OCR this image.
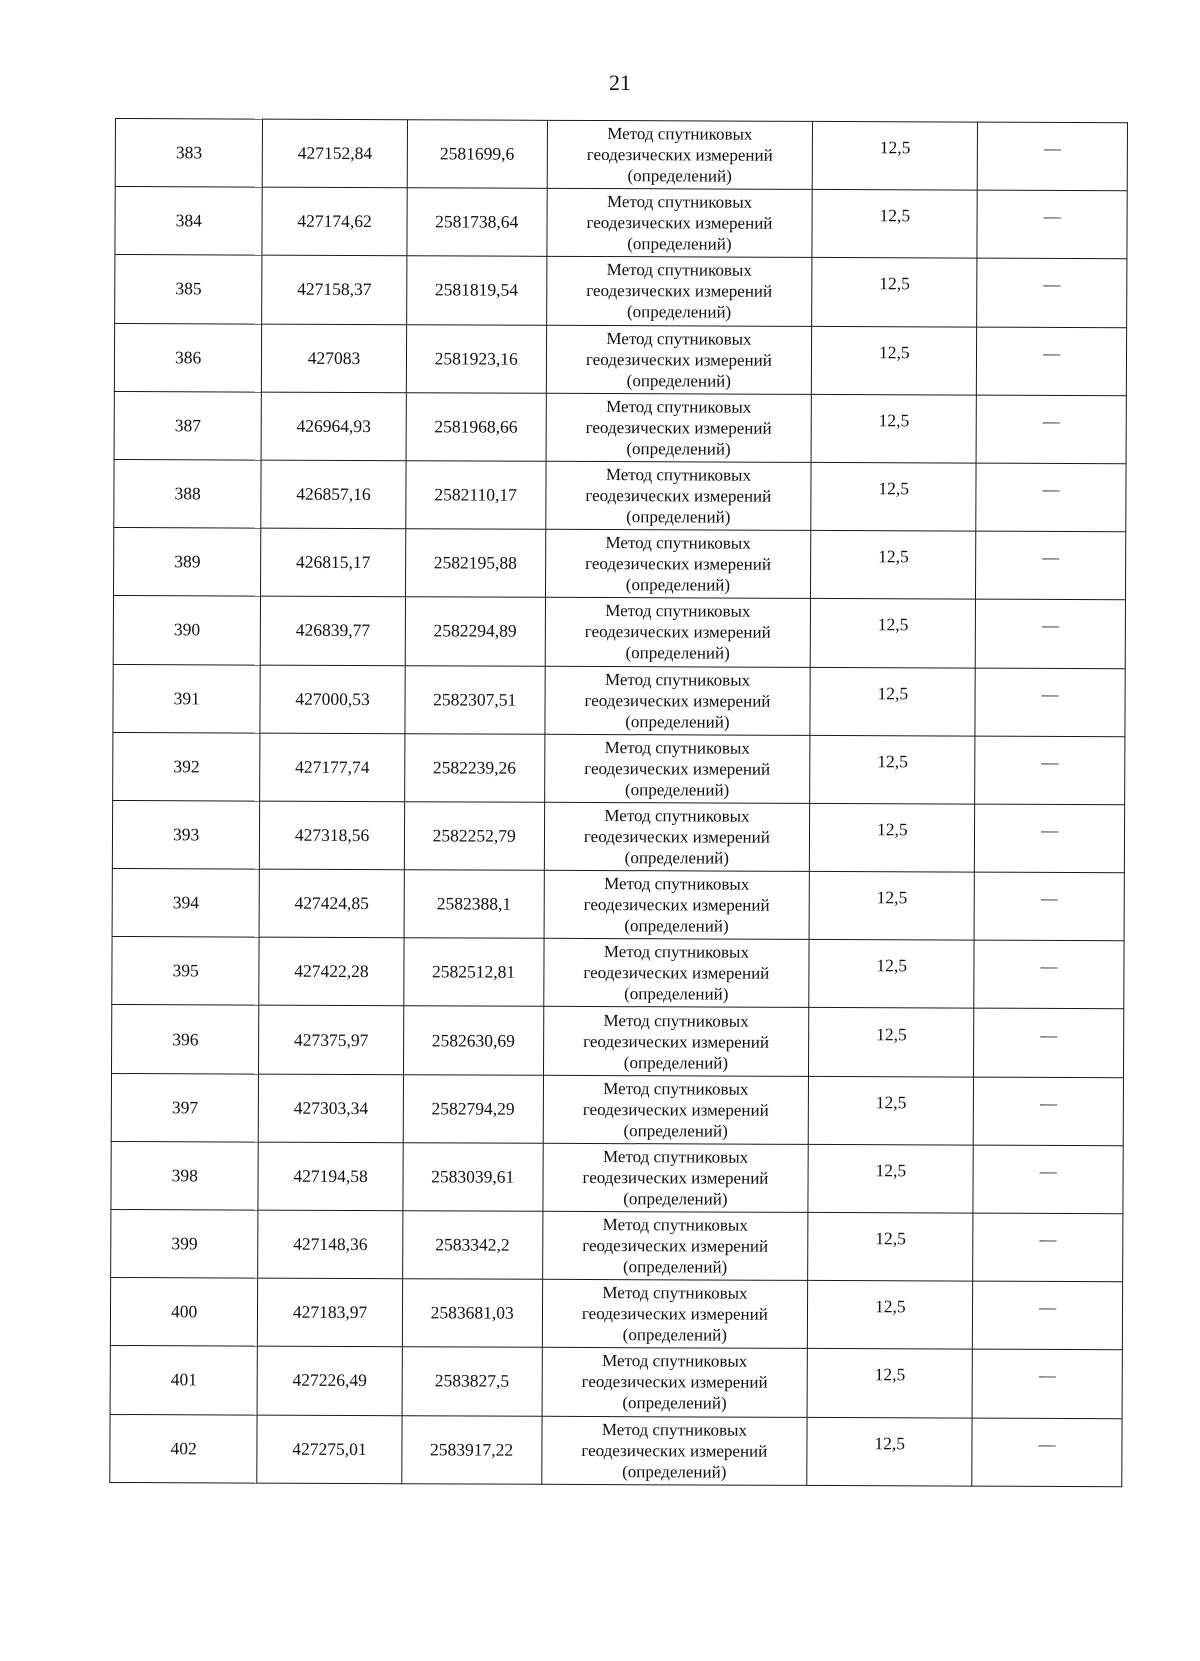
21
383	427152,84	2581699,6	Метод спутниковых
геодезических измерений
(определений)	12,5	—
384	427174,62	2581738,64	Метод спутниковых
геодезических измерений
(определений)	12,5	—
385	427158,37	2581819,54	Метод спутниковых
геодезических измерений
(определений)	12,5	—
386	427083	2581923,16	Метод спутниковых
геодезических измерений
(определений)	12,5	—
387	426964,93	2581968,66	Метод спутниковых
геодезических измерений
(определений)	12,5	—
388	426857,16	2582110,17	Метод спутниковых
геодезических измерений
(определений)	12,5	—
389	426815,17	2582195,88	Метод спутниковых
геодезических измерений
(определений)	12,5	—
390	426839,77	2582294,89	Метод спутниковых
геодезических измерений
(определений)	12,5	—
391	427000,53	2582307,51	Метод спутниковых
геодезических измерений
(определений)	12,5	—
392	427177,74	2582239,26	Метод спутниковых
геодезических измерений
(определений)	12,5	—
393	427318,56	2582252,79	Метод спутниковых
геодезических измерений
(определений)	12,5	—
394	427424,85	2582388,1	Метод спутниковых
геодезических измерений
(определений)	12,5	—
395	427422,28	2582512,81	Метод спутниковых
геодезических измерений
(определений)	12,5	—
396	427375,97	2582630,69	Метод спутниковых
геодезических измерений
(определений)	12,5	—
397	427303,34	2582794,29	Метод спутниковых
геодезических измерений
(определений)	12,5	—
398	427194,58	2583039,61	Метод спутниковых
геодезических измерений
(определений)	12,5	—
399	427148,36	2583342,2	Метод спутниковых
геодезических измерений
(определений)	12,5	—
400	427183,97	2583681,03	Метод спутниковых
геодезических измерений
(определений)	12,5	—
401	427226,49	2583827,5	Метод спутниковых
геодезических измерений
(определений)	12,5	—
402	427275,01	2583917,22	Метод спутниковых
геодезических измерений
(определений)	12,5	—
